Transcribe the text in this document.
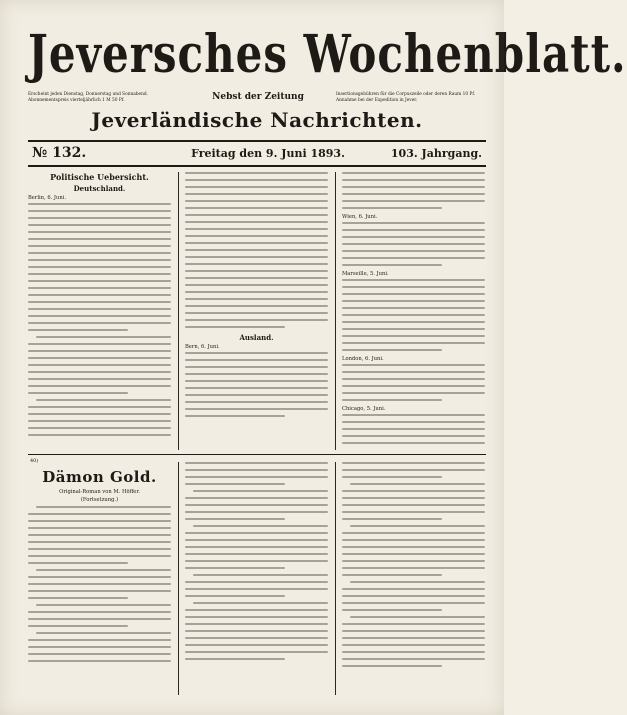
Jeversches Wochenblatt.
Erscheint jeden Dienstag, Donnerstag und Sonnabend. Abonnementspreis vierteljährlich 1 M 50 Pf.	Nebst der Zeitung	Insertionsgebühren für die Corpuszeile oder deren Raum 10 Pf. Annahme bei der Expedition in Jever.
Jeverländische Nachrichten.
№ 132.	Freitag den 9. Juni 1893.	103. Jahrgang.
Politische Uebersicht.
Deutschland.
Berlin, 6. Juni.
Ausland.
Bern, 6. Juni.
Wien, 6. Juni.
Marseille, 5. Juni.
London, 6. Juni.
Chicago, 5. Juni.
40)
Dämon Gold.
Original-Roman von M. Höffer.
(Fortsetzung.)
